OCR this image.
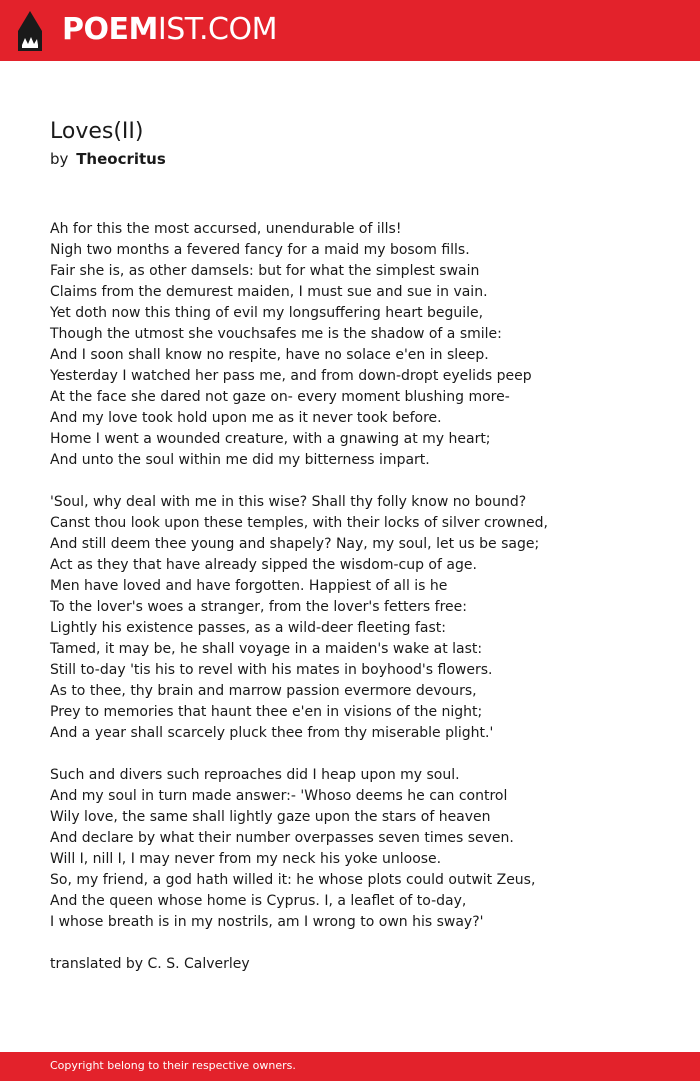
POEMIST.COM
Loves(II)
by Theocritus
Ah for this the most accursed, unendurable of ills!
Nigh two months a fevered fancy for a maid my bosom fills.
Fair she is, as other damsels: but for what the simplest swain
Claims from the demurest maiden, I must sue and sue in vain.
Yet doth now this thing of evil my longsuffering heart beguile,
Though the utmost she vouchsafes me is the shadow of a smile:
And I soon shall know no respite, have no solace e'en in sleep.
Yesterday I watched her pass me, and from down-dropt eyelids peep
At the face she dared not gaze on- every moment blushing more-
And my love took hold upon me as it never took before.
Home I went a wounded creature, with a gnawing at my heart;
And unto the soul within me did my bitterness impart.
'Soul, why deal with me in this wise? Shall thy folly know no bound?
Canst thou look upon these temples, with their locks of silver crowned,
And still deem thee young and shapely? Nay, my soul, let us be sage;
Act as they that have already sipped the wisdom-cup of age.
Men have loved and have forgotten. Happiest of all is he
To the lover's woes a stranger, from the lover's fetters free:
Lightly his existence passes, as a wild-deer fleeting fast:
Tamed, it may be, he shall voyage in a maiden's wake at last:
Still to-day 'tis his to revel with his mates in boyhood's flowers.
As to thee, thy brain and marrow passion evermore devours,
Prey to memories that haunt thee e'en in visions of the night;
And a year shall scarcely pluck thee from thy miserable plight.'
Such and divers such reproaches did I heap upon my soul.
And my soul in turn made answer:- 'Whoso deems he can control
Wily love, the same shall lightly gaze upon the stars of heaven
And declare by what their number overpasses seven times seven.
Will I, nill I, I may never from my neck his yoke unloose.
So, my friend, a god hath willed it: he whose plots could outwit Zeus,
And the queen whose home is Cyprus. I, a leaflet of to-day,
I whose breath is in my nostrils, am I wrong to own his sway?'
translated by C. S. Calverley
Copyright belong to their respective owners.
